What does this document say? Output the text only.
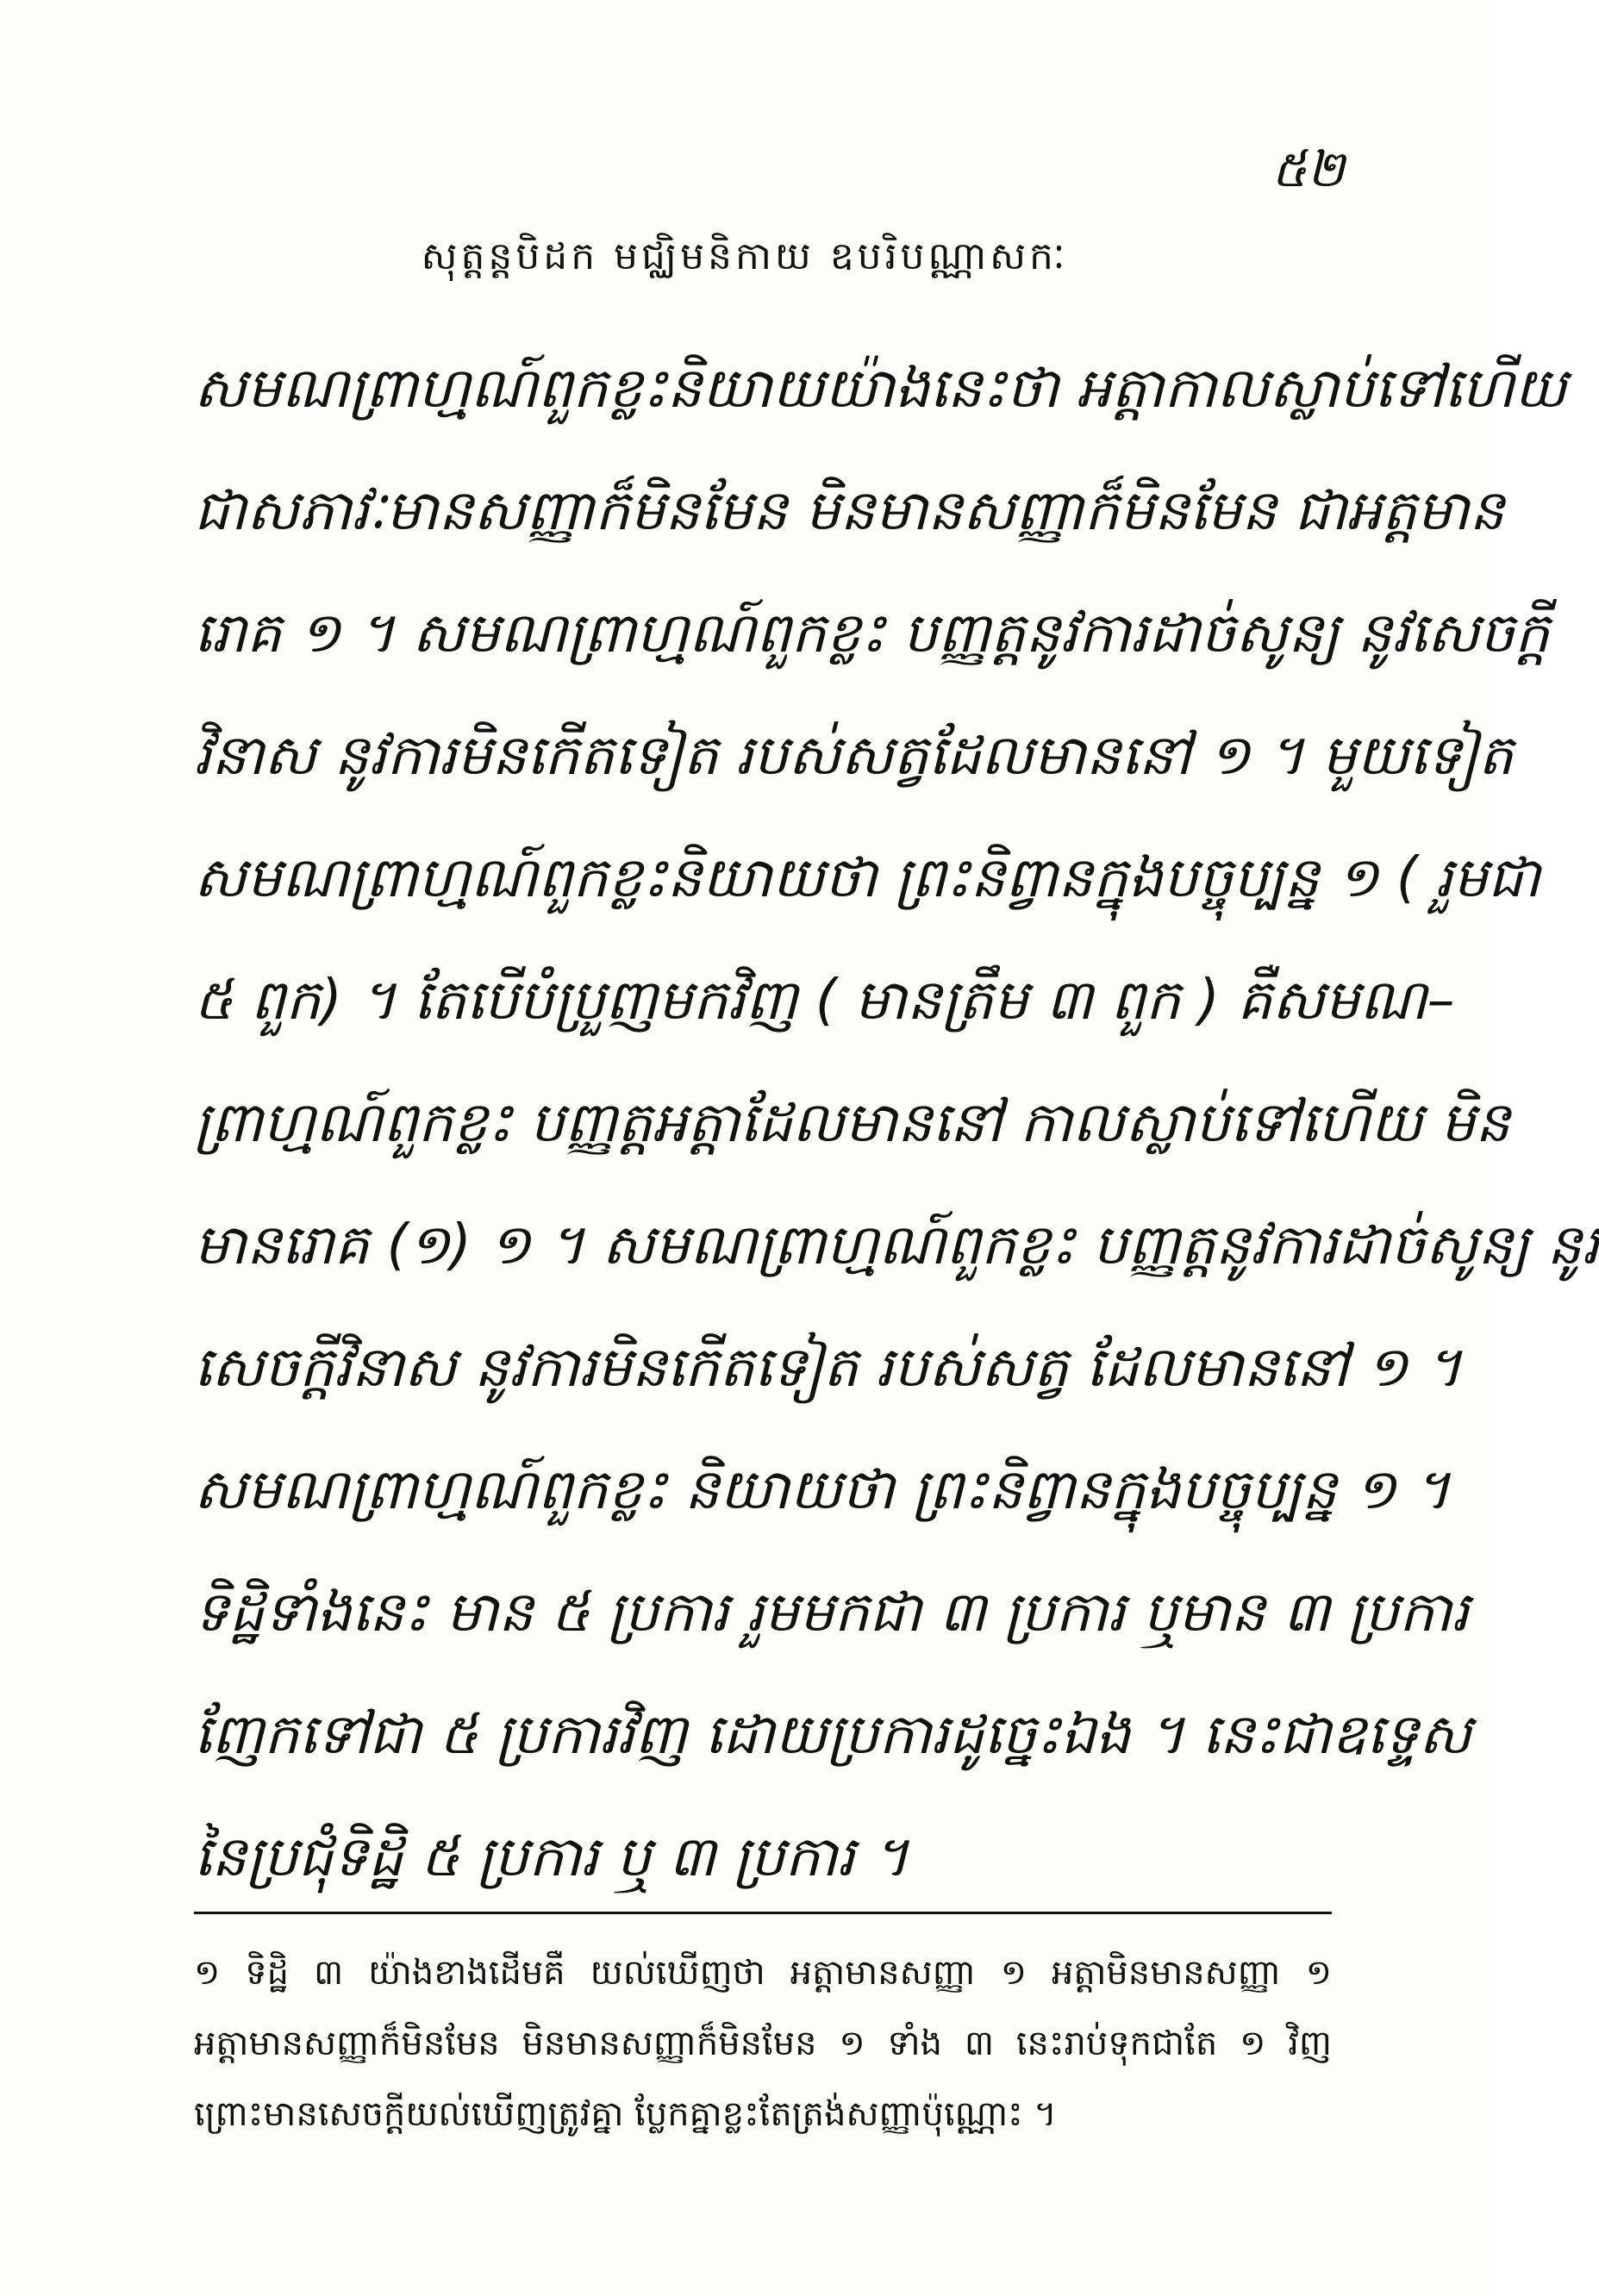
៥២
សុត្តន្តបិដក មជ្ឈិមនិកាយ ឧបរិបណ្ណាសកៈ
សមណព្រាហ្មណ៍ពួកខ្លះនិយាយយ៉ាងនេះថា អត្តាកាលស្លាប់ទៅហើយ
ជាសភាវៈមានសញ្ញាក៏មិនមែន មិនមានសញ្ញាក៏មិនមែន ជាអត្តមាន
រោគ ១ ។ សមណព្រាហ្មណ៍ពួកខ្លះ បញ្ញត្តនូវការដាច់សូន្យ នូវសេចក្តី
វិនាស នូវការមិនកើតទៀត របស់សត្វដែលមាននៅ ១ ។ មួយទៀត
សមណព្រាហ្មណ៍ពួកខ្លះនិយាយថា ព្រះនិព្វានក្នុងបច្ចុប្បន្ន ១ ( រួមជា
៥ ពួក) ។ តែបើបំប្រួញមកវិញ ( មានត្រឹម ៣ ពួក ) គឺសមណ–
ព្រាហ្មណ៍ពួកខ្លះ បញ្ញត្តអត្តាដែលមាននៅ កាលស្លាប់ទៅហើយ មិន
មានរោគ (១) ១ ។ សមណព្រាហ្មណ៍ពួកខ្លះ បញ្ញត្តនូវការដាច់សូន្យ នូវ
សេចក្តីវិនាស នូវការមិនកើតទៀត របស់សត្វ ដែលមាននៅ ១ ។
សមណព្រាហ្មណ៍ពួកខ្លះ និយាយថា ព្រះនិព្វានក្នុងបច្ចុប្បន្ន ១ ។
ទិដ្ឋិទាំងនេះ មាន ៥ ប្រការ រួមមកជា ៣ ប្រការ ឬមាន ៣ ប្រការ
ញែកទៅជា ៥ ប្រការវិញ ដោយប្រការដូច្នេះឯង ។ នេះជាឧទ្ទេស
នៃប្រជុំទិដ្ឋិ ៥ ប្រការ ឬ ៣ ប្រការ ។
១ ទិដ្ឋិ ៣ យ៉ាងខាងដើមគឺ យល់ឃើញថា អត្តាមានសញ្ញា ១ អត្តាមិនមានសញ្ញា ១
អត្តាមានសញ្ញាក៏មិនមែន មិនមានសញ្ញាក៏មិនមែន ១ ទាំង ៣ នេះរាប់ទុកជាតែ ១ វិញ
ព្រោះមានសេចក្តីយល់ឃើញត្រូវគ្នា ប្លែកគ្នាខ្លះតែត្រង់សញ្ញាប៉ុណ្ណោះ ។
